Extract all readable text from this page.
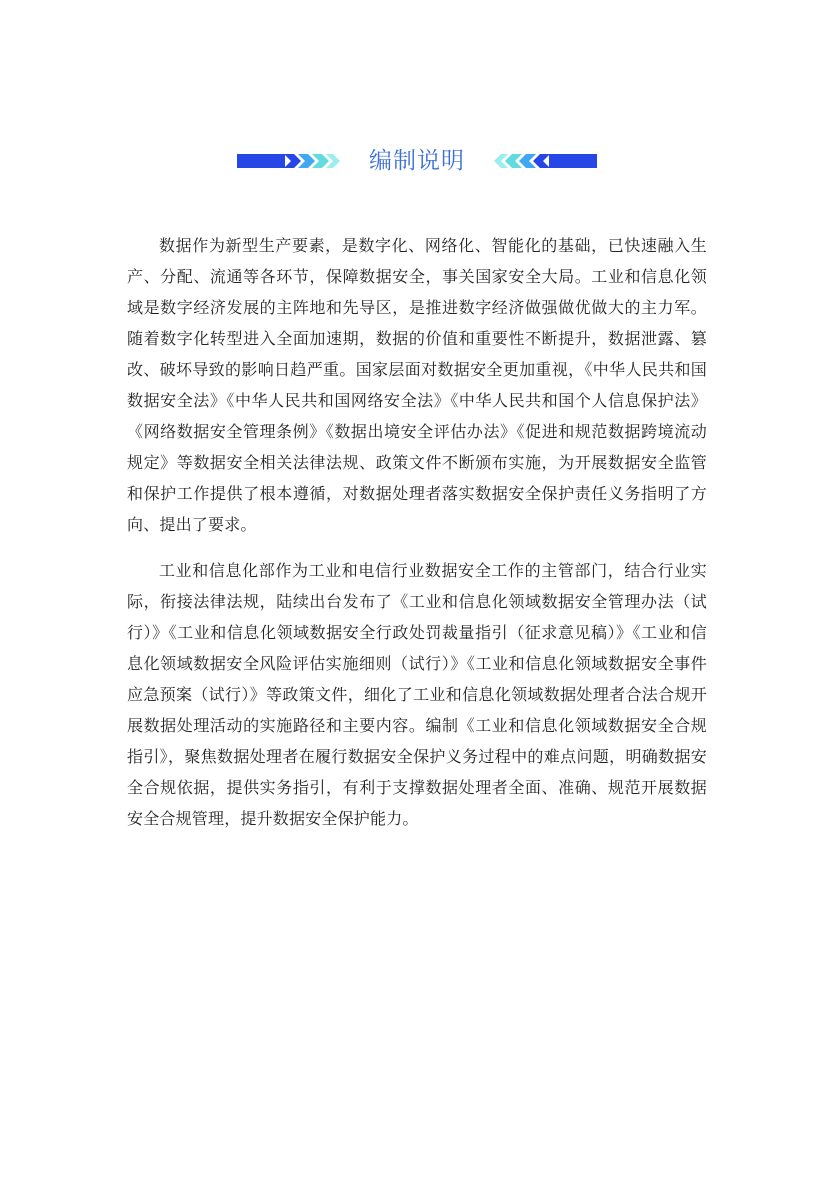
编制说明

数据作为新型生产要素，是数字化、网络化、智能化的基础，已快速融入生产、分配、流通等各环节，保障数据安全，事关国家安全大局。工业和信息化领域是数字经济发展的主阵地和先导区，是推进数字经济做强做优做大的主力军。随着数字化转型进入全面加速期，数据的价值和重要性不断提升，数据泄露、篡改、破坏导致的影响日趋严重。国家层面对数据安全更加重视，《中华人民共和国数据安全法》《中华人民共和国网络安全法》《中华人民共和国个人信息保护法》《网络数据安全管理条例》《数据出境安全评估办法》《促进和规范数据跨境流动规定》等数据安全相关法律法规、政策文件不断颁布实施，为开展数据安全监管和保护工作提供了根本遵循，对数据处理者落实数据安全保护责任义务指明了方向、提出了要求。

工业和信息化部作为工业和电信行业数据安全工作的主管部门，结合行业实际，衔接法律法规，陆续出台发布了《工业和信息化领域数据安全管理办法（试行）》《工业和信息化领域数据安全行政处罚裁量指引（征求意见稿）》《工业和信息化领域数据安全风险评估实施细则（试行）》《工业和信息化领域数据安全事件应急预案（试行）》等政策文件，细化了工业和信息化领域数据处理者合法合规开展数据处理活动的实施路径和主要内容。编制《工业和信息化领域数据安全合规指引》，聚焦数据处理者在履行数据安全保护义务过程中的难点问题，明确数据安全合规依据，提供实务指引，有利于支撑数据处理者全面、准确、规范开展数据安全合规管理，提升数据安全保护能力。
